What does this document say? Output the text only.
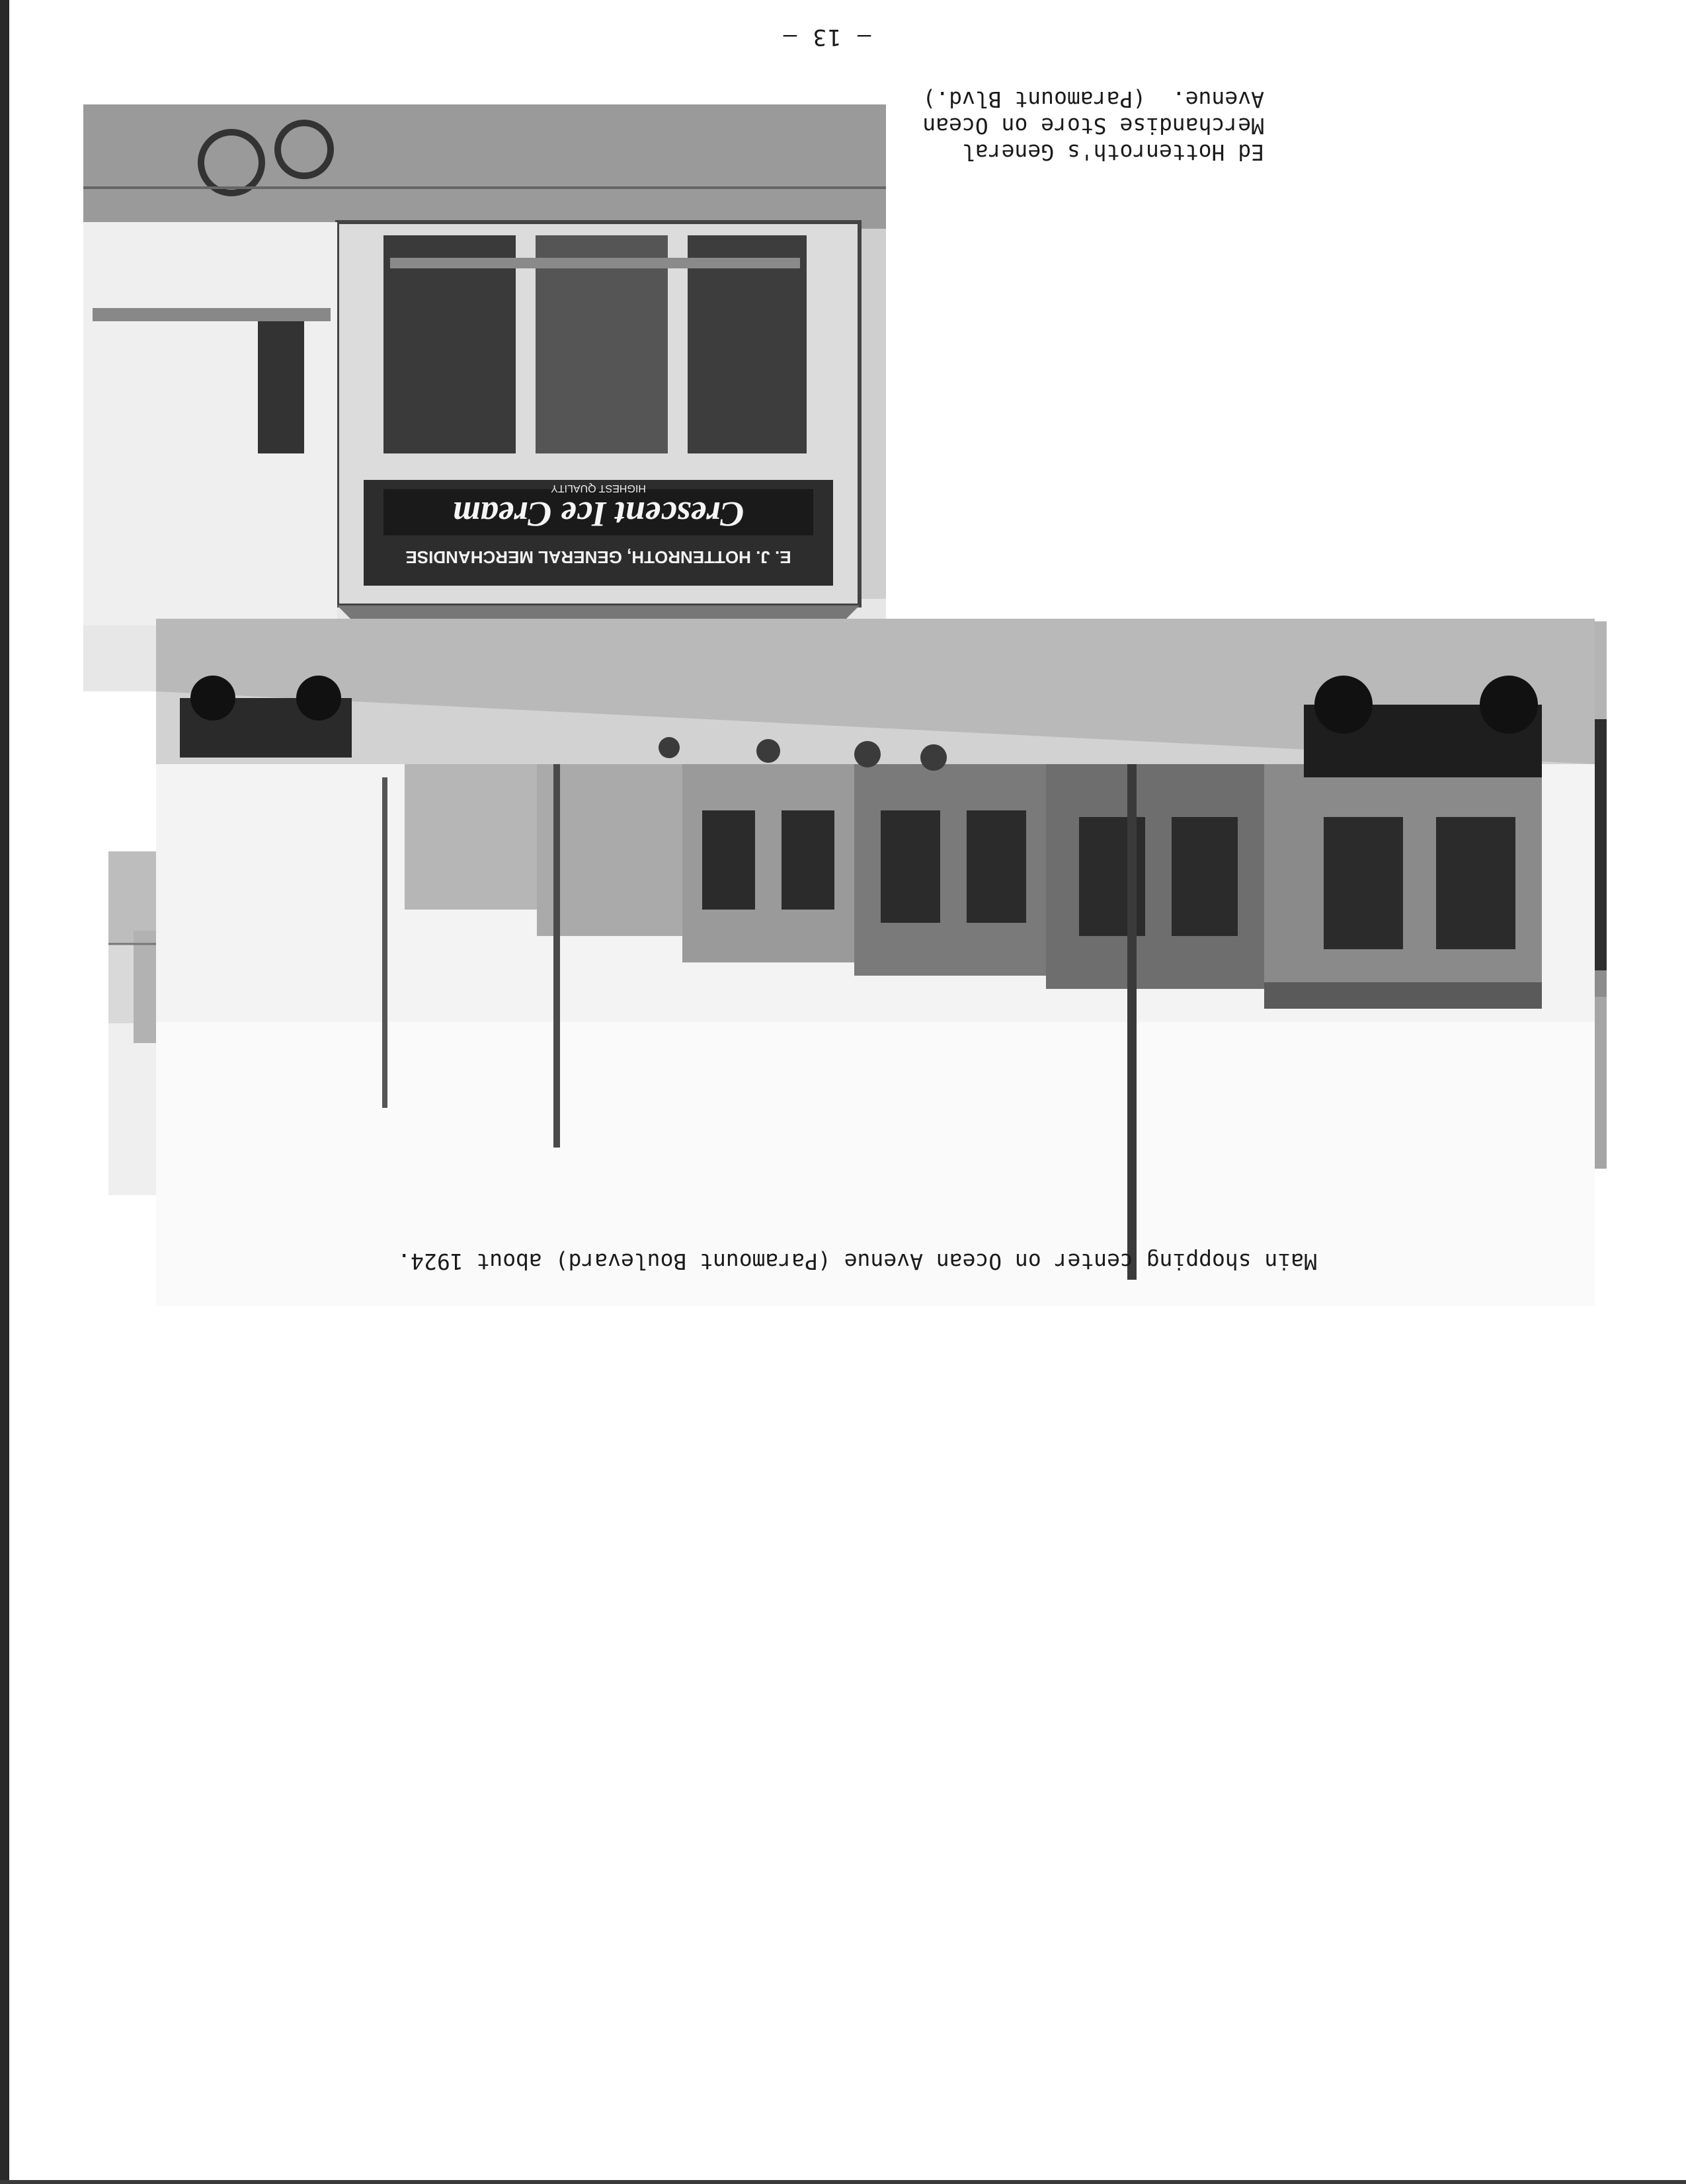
— 13 —
E. J. HOTTENROTH, GENERAL MERCHANDISE
Crescent Ice Cream
HIGHEST QUALITY
Ed Hottenroth's General
Merchandise Store on Ocean
Avenue.  (Paramount Blvd.)
Main shopping center on Ocean Avenue (Paramount Boulevard) about 1924.
